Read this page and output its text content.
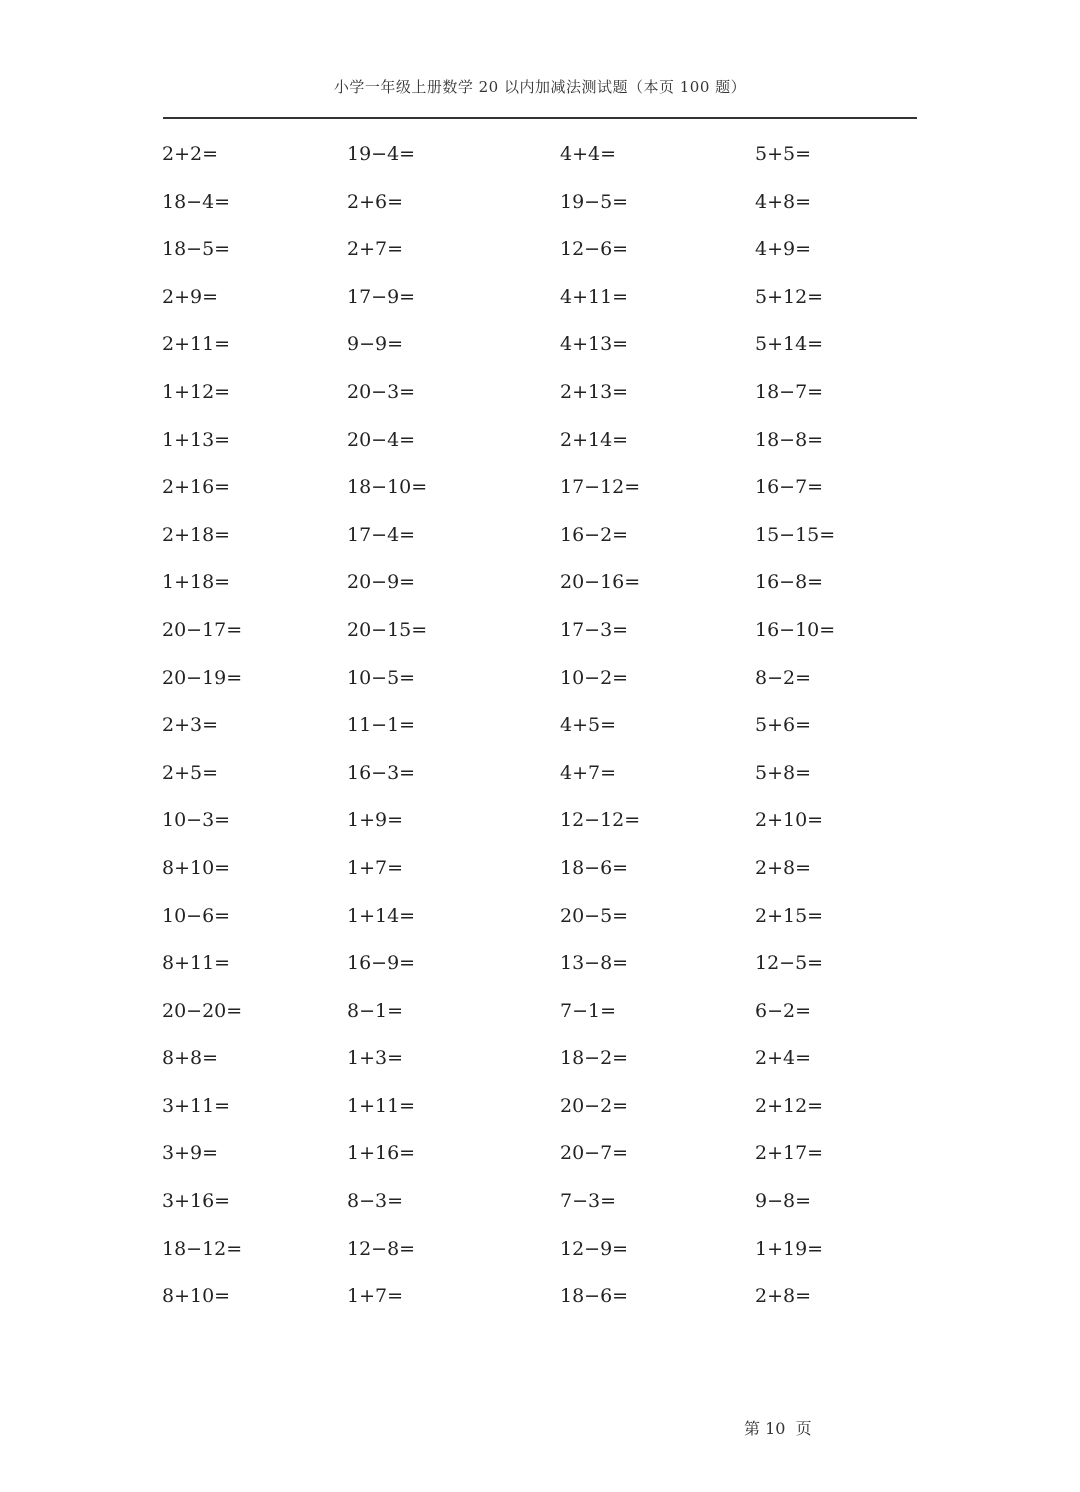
小学一年级上册数学 20 以内加减法测试题（本页 100 题）
2+2=	19−4=	4+4=	5+5=
18−4=	2+6=	19−5=	4+8=
18−5=	2+7=	12−6=	4+9=
2+9=	17−9=	4+11=	5+12=
2+11=	9−9=	4+13=	5+14=
1+12=	20−3=	2+13=	18−7=
1+13=	20−4=	2+14=	18−8=
2+16=	18−10=	17−12=	16−7=
2+18=	17−4=	16−2=	15−15=
1+18=	20−9=	20−16=	16−8=
20−17=	20−15=	17−3=	16−10=
20−19=	10−5=	10−2=	8−2=
2+3=	11−1=	4+5=	5+6=
2+5=	16−3=	4+7=	5+8=
10−3=	1+9=	12−12=	2+10=
8+10=	1+7=	18−6=	2+8=
10−6=	1+14=	20−5=	2+15=
8+11=	16−9=	13−8=	12−5=
20−20=	8−1=	7−1=	6−2=
8+8=	1+3=	18−2=	2+4=
3+11=	1+11=	20−2=	2+12=
3+9=	1+16=	20−7=	2+17=
3+16=	8−3=	7−3=	9−8=
18−12=	12−8=	12−9=	1+19=
8+10=	1+7=	18−6=	2+8=
第 10  页
